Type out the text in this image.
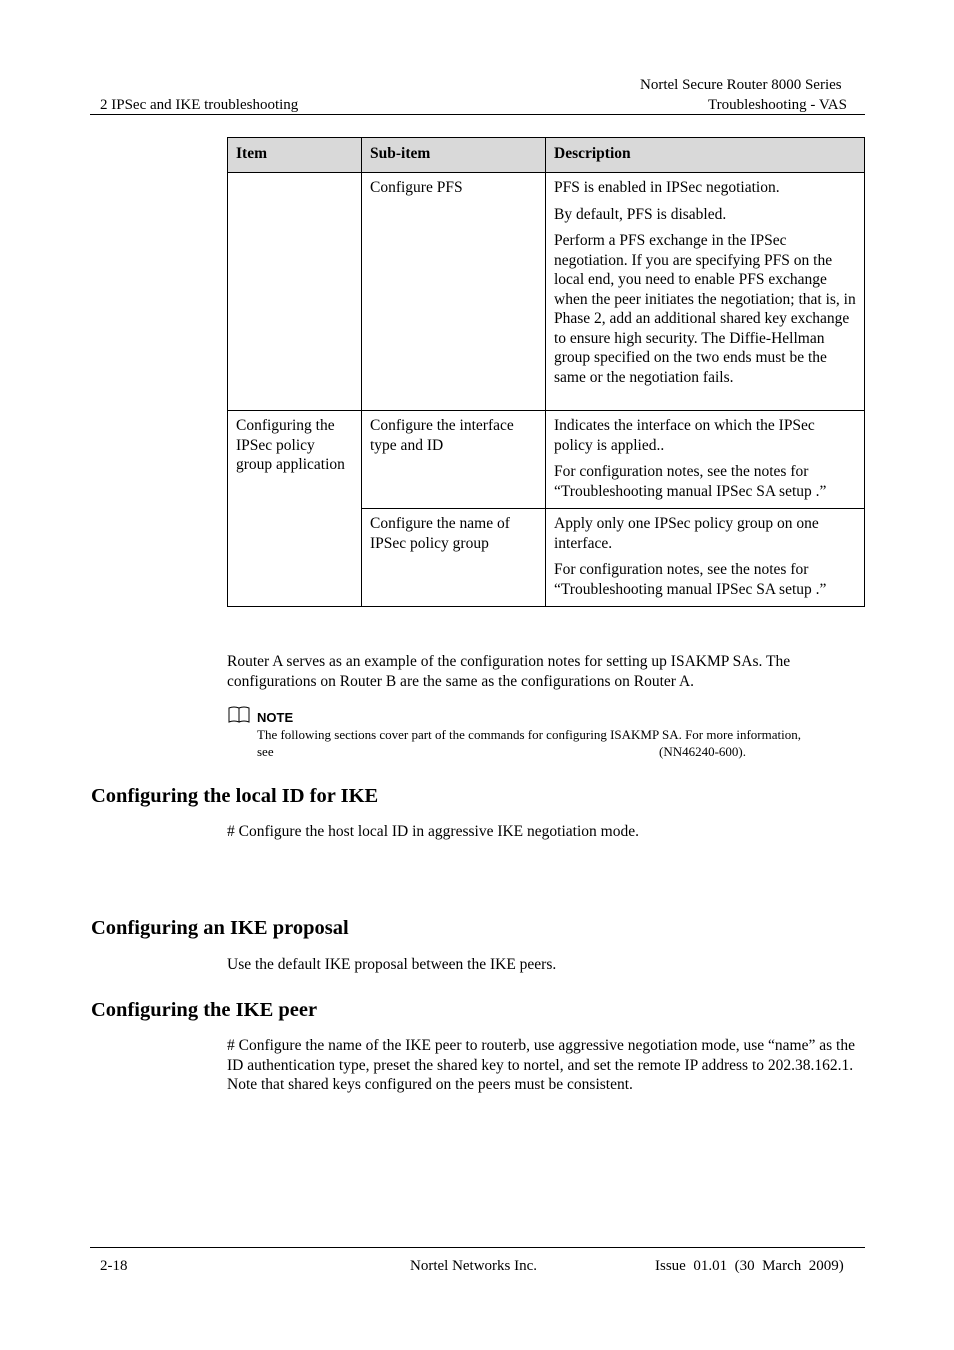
Nortel Secure Router 8000 Series
2 IPSec and IKE troubleshooting	Troubleshooting - VAS
Item	Sub-item	Description
	Configure PFS	PFS is enabled in IPSec negotiation.

By default, PFS is disabled.

Perform a PFS exchange in the IPSec negotiation. If you are specifying PFS on the local end, you need to enable PFS exchange when the peer initiates the negotiation; that is, in Phase 2, add an additional shared key exchange to ensure high security. The Diffie-Hellman group specified on the two ends must be the same or the negotiation fails.

Configuring the IPSec policy group application	Configure the interface type and ID	Indicates the interface on which the IPSec policy is applied..

For configuration notes, see the notes for “Troubleshooting manual IPSec SA setup .”

	Configure the name of IPSec policy group	Apply only one IPSec policy group on one interface.

For configuration notes, see the notes for “Troubleshooting manual IPSec SA setup .”

Router A serves as an example of the configuration notes for setting up ISAKMP SAs. The configurations on Router B are the same as the configurations on Router A.
NOTE
The following sections cover part of the commands for configuring ISAKMP SA. For more information,
see	(NN46240-600).
Configuring the local ID for IKE
# Configure the host local ID in aggressive IKE negotiation mode.
Configuring an IKE proposal
Use the default IKE proposal between the IKE peers.
Configuring the IKE peer
# Configure the name of the IKE peer to routerb, use aggressive negotiation mode, use “name” as the ID authentication type, preset the shared key to nortel, and set the remote IP address to 202.38.162.1. Note that shared keys configured on the peers must be consistent.
2-18	Nortel Networks Inc.	Issue  01.01  (30  March  2009)
